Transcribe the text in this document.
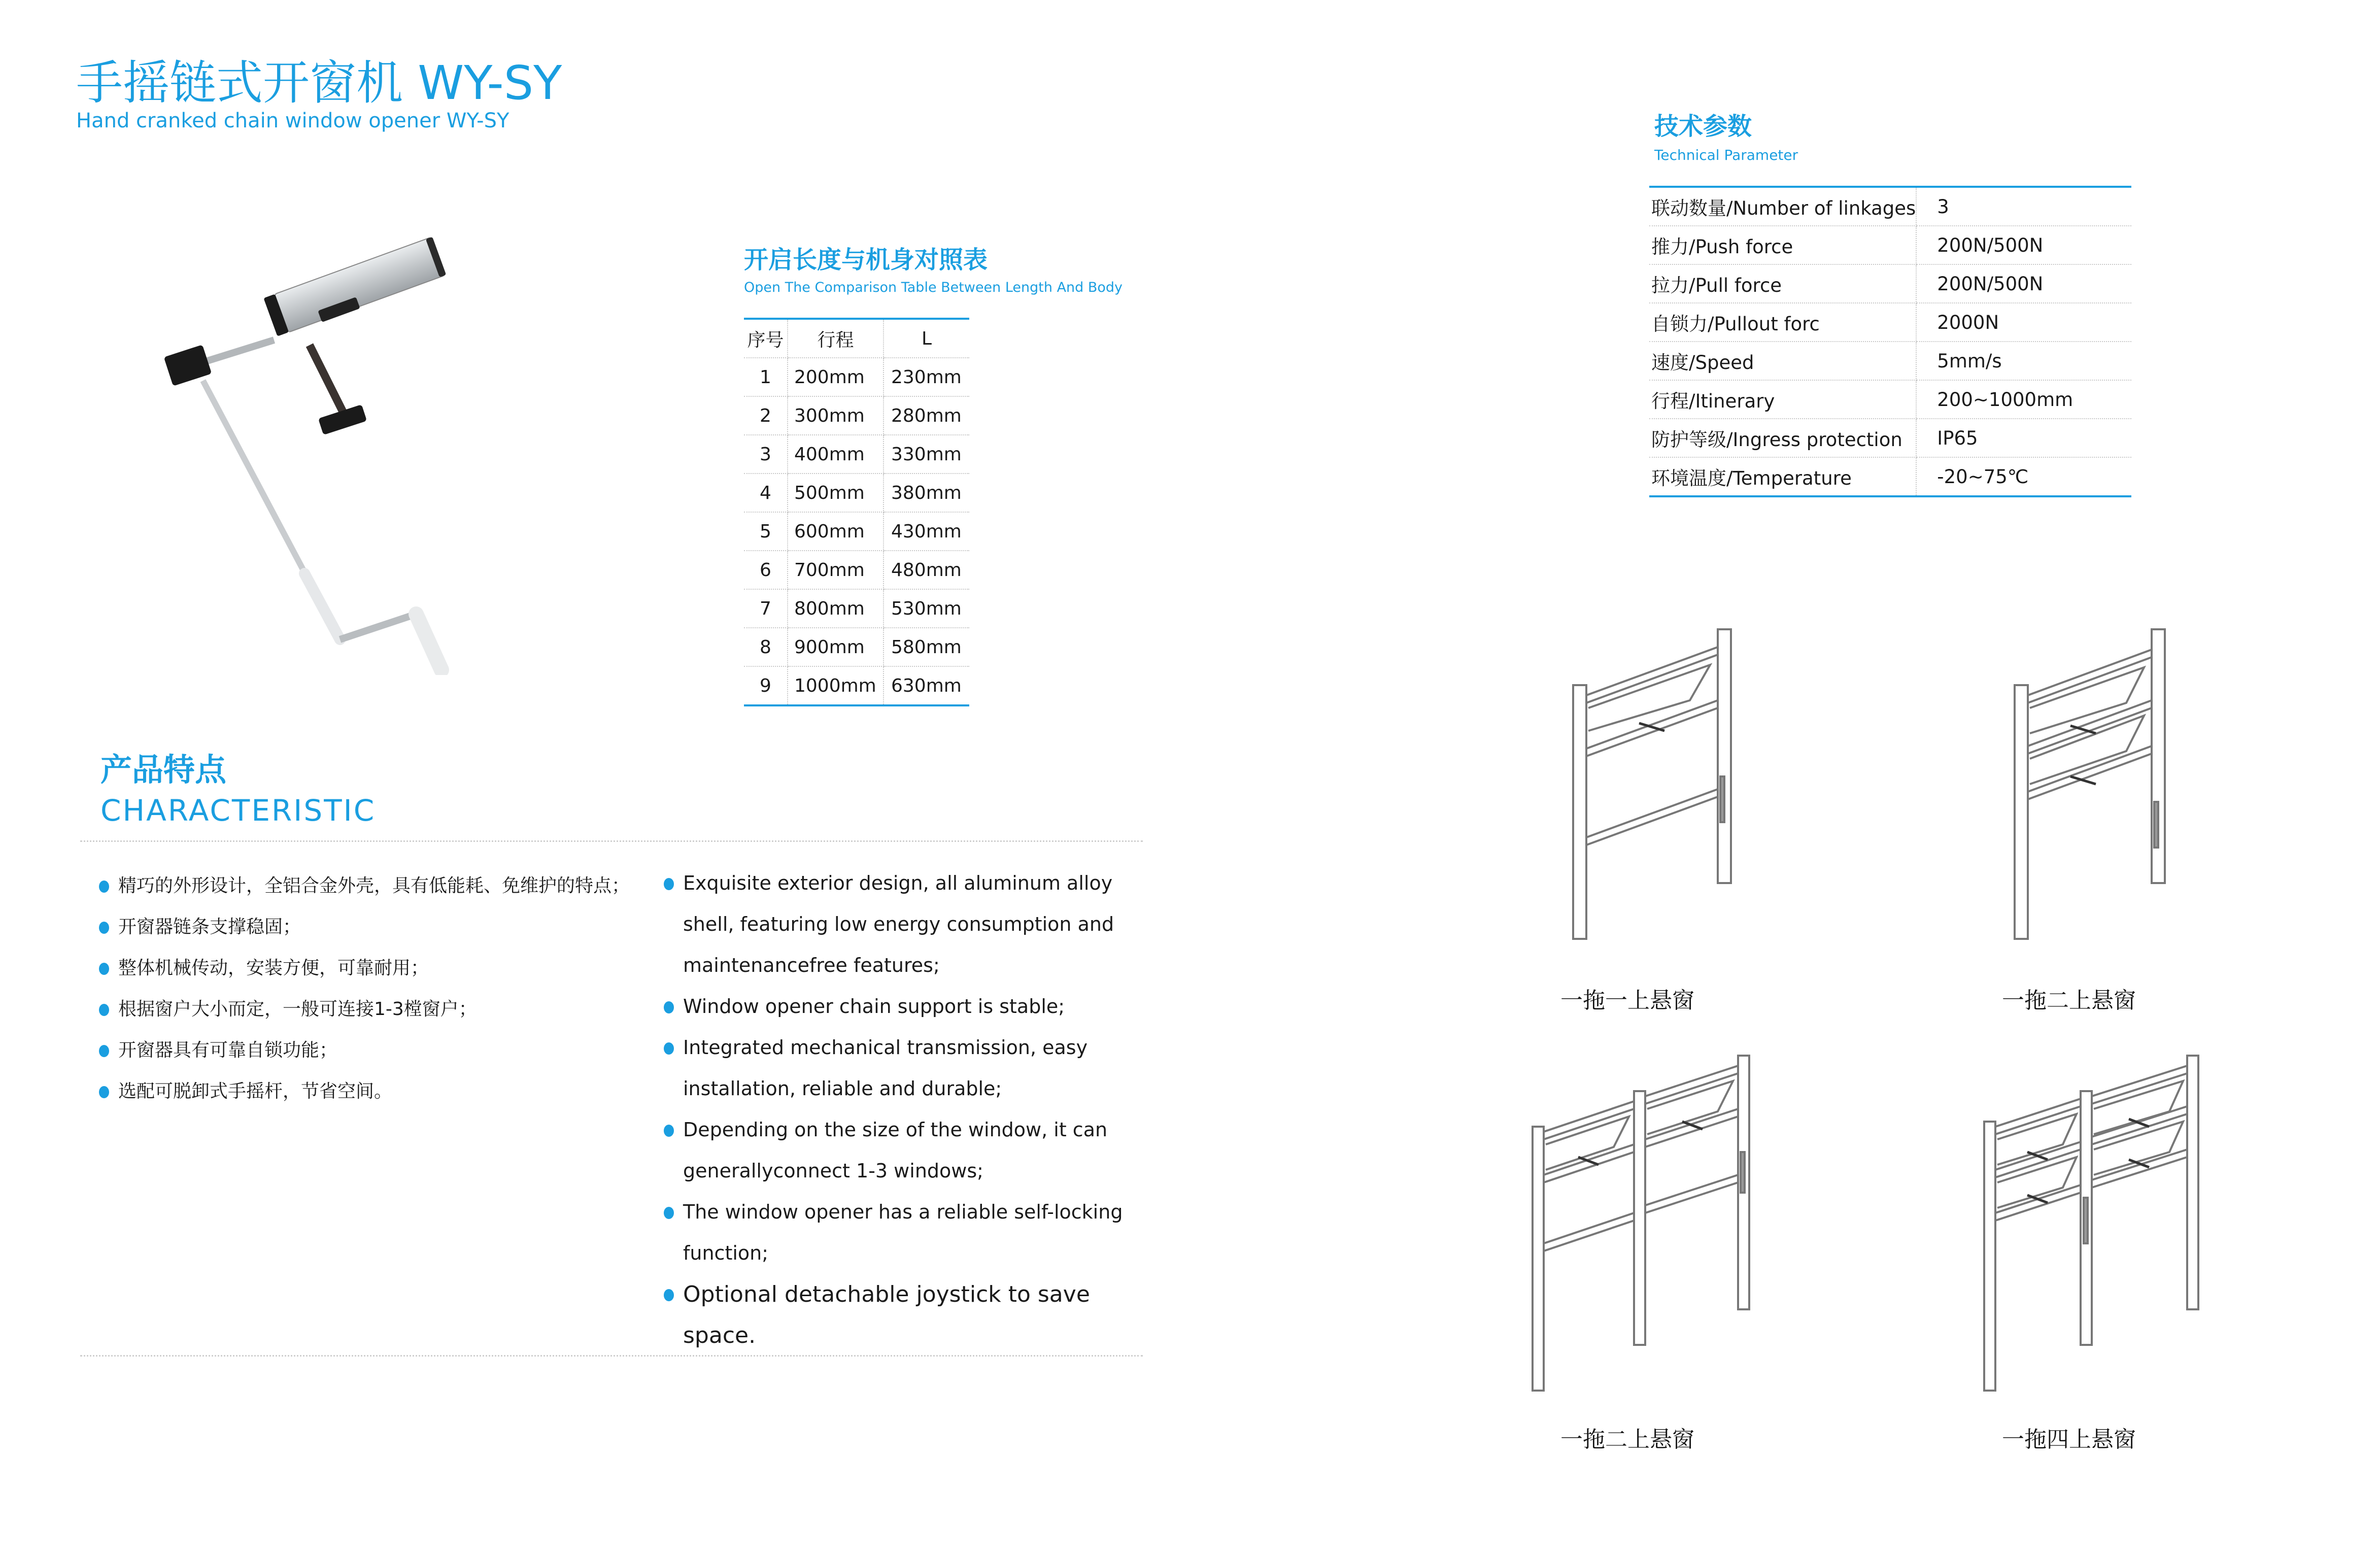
手摇链式开窗机 WY-SY
Hand cranked chain window opener WY-SY
开启长度与机身对照表
Open The Comparison Table Between Length And Body
序号	行程	L
1	200mm	230mm
2	300mm	280mm
3	400mm	330mm
4	500mm	380mm
5	600mm	430mm
6	700mm	480mm
7	800mm	530mm
8	900mm	580mm
9	1000mm	630mm
技术参数
Technical Parameter
联动数量/Number of linkages	3
推力/Push force	200N/500N
拉力/Pull force	200N/500N
自锁力/Pullout forc	2000N
速度/Speed	5mm/s
行程/Itinerary	200~1000mm
防护等级/Ingress protection	IP65
环境温度/Temperature	-20~75℃
产品特点
CHARACTERISTIC
精巧的外形设计，全铝合金外壳，具有低能耗、免维护的特点；
开窗器链条支撑稳固；
整体机械传动，安装方便，可靠耐用；
根据窗户大小而定，一般可连接1-3樘窗户；
开窗器具有可靠自锁功能；
选配可脱卸式手摇杆，节省空间。
Exquisite exterior design, all aluminum alloy shell, featuring low energy consumption and maintenancefree features;
Window opener chain support is stable;
Integrated mechanical transmission, easy installation, reliable and durable;
Depending on the size of the window, it can generallyconnect 1-3 windows;
The window opener has a reliable self-locking function;
Optional detachable joystick to save space.
一拖一上悬窗	一拖二上悬窗
一拖二上悬窗	一拖四上悬窗
